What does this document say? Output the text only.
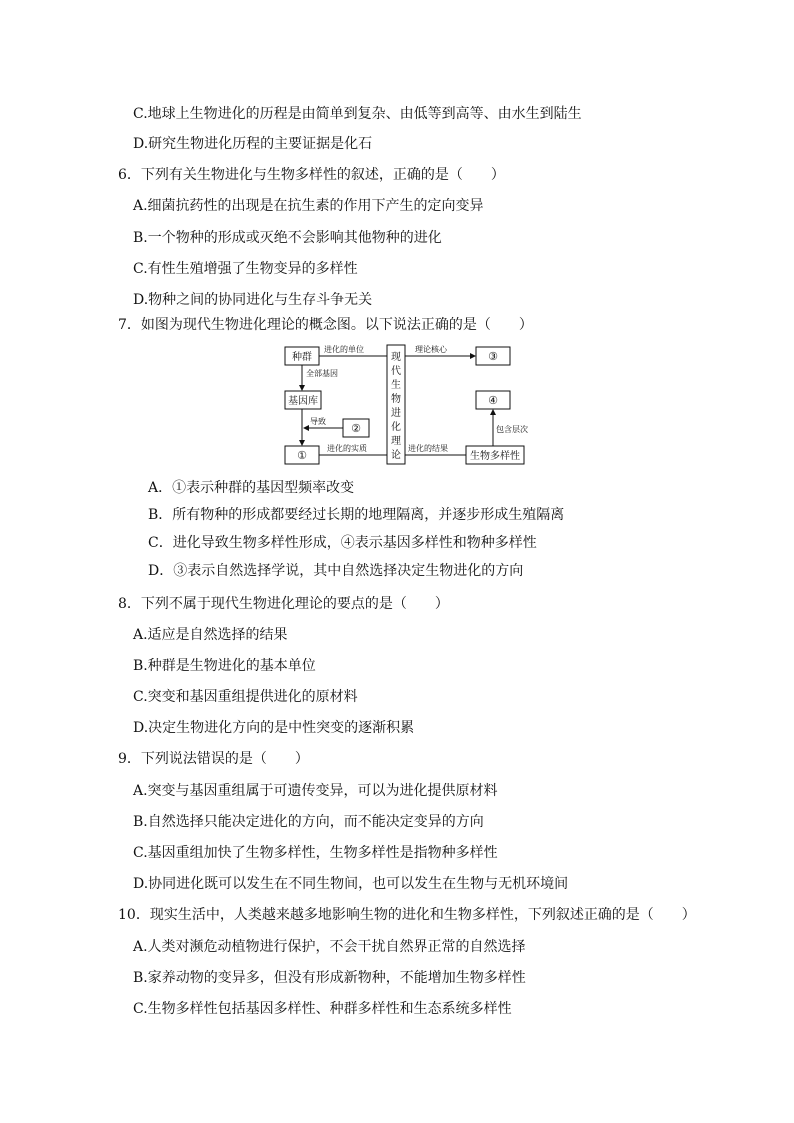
C.地球上生物进化的历程是由简单到复杂、由低等到高等、由水生到陆生
D.研究生物进化历程的主要证据是化石
6．下列有关生物进化与生物多样性的叙述，正确的是（　　）
A.细菌抗药性的出现是在抗生素的作用下产生的定向变异
B.一个物种的形成或灭绝不会影响其他物种的进化
C.有性生殖增强了生物变异的多样性
D.物种之间的协同进化与生存斗争无关
7．如图为现代生物进化理论的概念图。以下说法正确的是（　　）
种群
基因库
①
②
③
④
生物多样性
现
代
生
物
进
化
理
论
进化的单位
全部基因
导致
进化的实质
理论核心
进化的结果
包含层次
A．①表示种群的基因型频率改变
B．所有物种的形成都要经过长期的地理隔离，并逐步形成生殖隔离
C．进化导致生物多样性形成，④表示基因多样性和物种多样性
D．③表示自然选择学说，其中自然选择决定生物进化的方向
8．下列不属于现代生物进化理论的要点的是（　　）
A.适应是自然选择的结果
B.种群是生物进化的基本单位
C.突变和基因重组提供进化的原材料
D.决定生物进化方向的是中性突变的逐渐积累
9．下列说法错误的是（　　）
A.突变与基因重组属于可遗传变异，可以为进化提供原材料
B.自然选择只能决定进化的方向，而不能决定变异的方向
C.基因重组加快了生物多样性，生物多样性是指物种多样性
D.协同进化既可以发生在不同生物间，也可以发生在生物与无机环境间
10．现实生活中，人类越来越多地影响生物的进化和生物多样性，下列叙述正确的是（　　）
A.人类对濒危动植物进行保护，不会干扰自然界正常的自然选择
B.家养动物的变异多，但没有形成新物种，不能增加生物多样性
C.生物多样性包括基因多样性、种群多样性和生态系统多样性
